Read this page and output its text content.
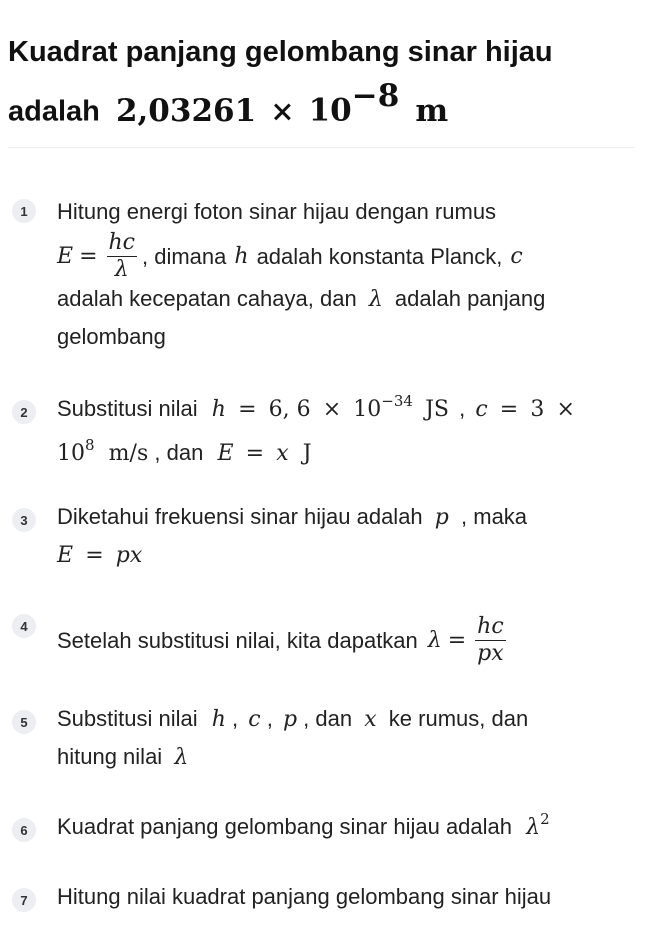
Kuadrat panjang gelombang sinar hijau
adalah $2,03261 \times 10^{-8}$ m
1	Hitung energi foton sinar hijau dengan rumus
$E = \frac{hc}{\lambda}$ , dimana h adalah konstanta Planck, c
adalah kecepatan cahaya, dan λ adalah panjang
gelombang
2	Substitusi nilai h = 6, $6 \times 10^{-34}$ JS , c = 3 ×
$10^8$ m/s , dan E = x J
3	Diketahui frekuensi sinar hijau adalah p , maka
E = px
4
Setelah substitusi nilai, kita dapatkan $\lambda = \frac{hc}{px}$
5	Substitusi nilai h , c , p , dan x ke rumus, dan
hitung nilai λ
6	Kuadrat panjang gelombang sinar hijau adalah $\lambda^2$
7	Hitung nilai kuadrat panjang gelombang sinar hijau
